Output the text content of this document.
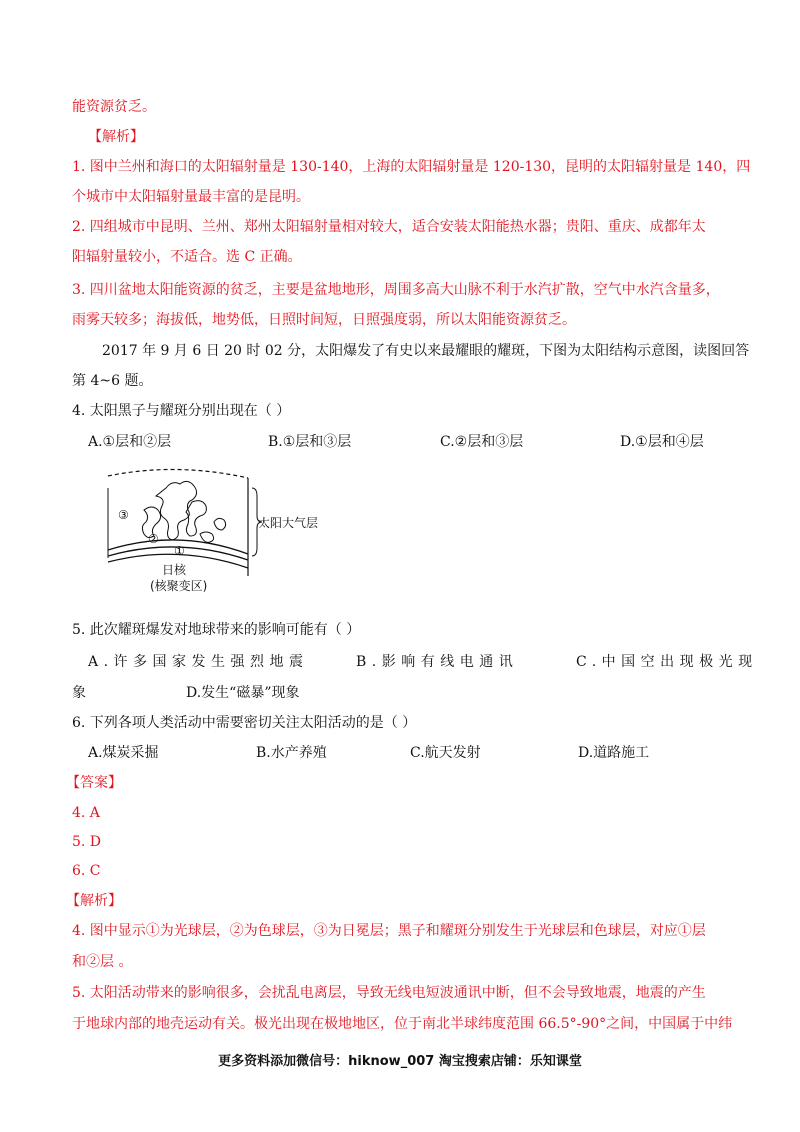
能资源贫乏。
【解析】
1. 图中兰州和海口的太阳辐射量是 130-140，上海的太阳辐射量是 120-130，昆明的太阳辐射量是 140，四
个城市中太阳辐射量最丰富的是昆明。
2. 四组城市中昆明、兰州、郑州太阳辐射量相对较大，适合安装太阳能热水器；贵阳、重庆、成都年太
阳辐射量较小，不适合。选 C 正确。
3. 四川盆地太阳能资源的贫乏，主要是盆地地形，周围多高大山脉不利于水汽扩散，空气中水汽含量多，
雨雾天较多；海拔低，地势低，日照时间短，日照强度弱，所以太阳能资源贫乏。
2017 年 9 月 6 日 20 时 02 分，太阳爆发了有史以来最耀眼的耀斑，下图为太阳结构示意图，读图回答
第 4~6 题。
4. 太阳黑子与耀斑分别出现在（ ）
A.①层和②层	B.①层和③层	C.②层和③层	D.①层和④层
太阳大气层
③
②
①
日核
(核聚变区)
5. 此次耀斑爆发对地球带来的影响可能有（ ）
A.许多国家发生强烈地震	B.影响有线电通讯	C.中国空出现极光现
象	D.发生“磁暴”现象
6. 下列各项人类活动中需要密切关注太阳活动的是（ ）
A.煤炭采掘	B.水产养殖	C.航天发射	D.道路施工
【答案】
4. A
5. D
6. C
【解析】
4. 图中显示①为光球层，②为色球层，③为日冕层；黑子和耀斑分别发生于光球层和色球层，对应①层
和②层 。
5. 太阳活动带来的影响很多，会扰乱电离层，导致无线电短波通讯中断，但不会导致地震，地震的产生
于地球内部的地壳运动有关。极光出现在极地地区，位于南北半球纬度范围 66.5°-90°之间，中国属于中纬
更多资料添加微信号：hiknow_007 淘宝搜索店铺：乐知课堂
